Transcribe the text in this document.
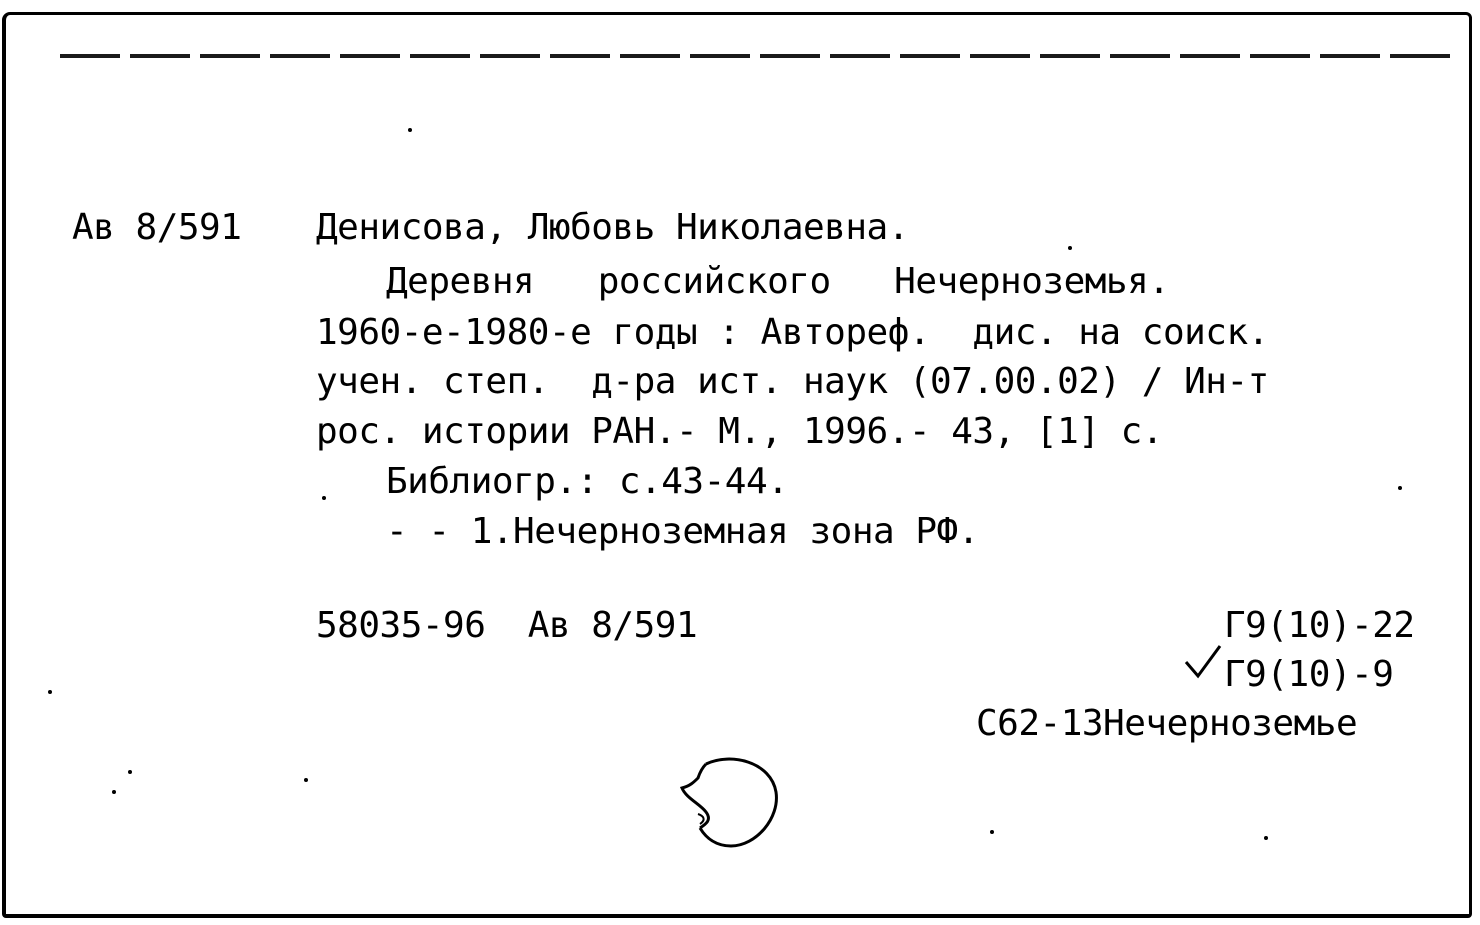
Ав 8/591 Денисова, Любовь Николаевна.
Деревня   российского   Нечерноземья.
1960-е-1980-е годы : Автореф.  дис. на соиск.
учен. степ.  д-ра ист. наук (07.00.02) / Ин-т
рос. истории РАН.- М., 1996.- 43, [1] с.
Библиогр.: с.43-44.
- - 1.Нечерноземная зона РФ.
58035-96  Ав 8/591	Г9(10)-22
Г9(10)-9
С62-13Нечерноземье
